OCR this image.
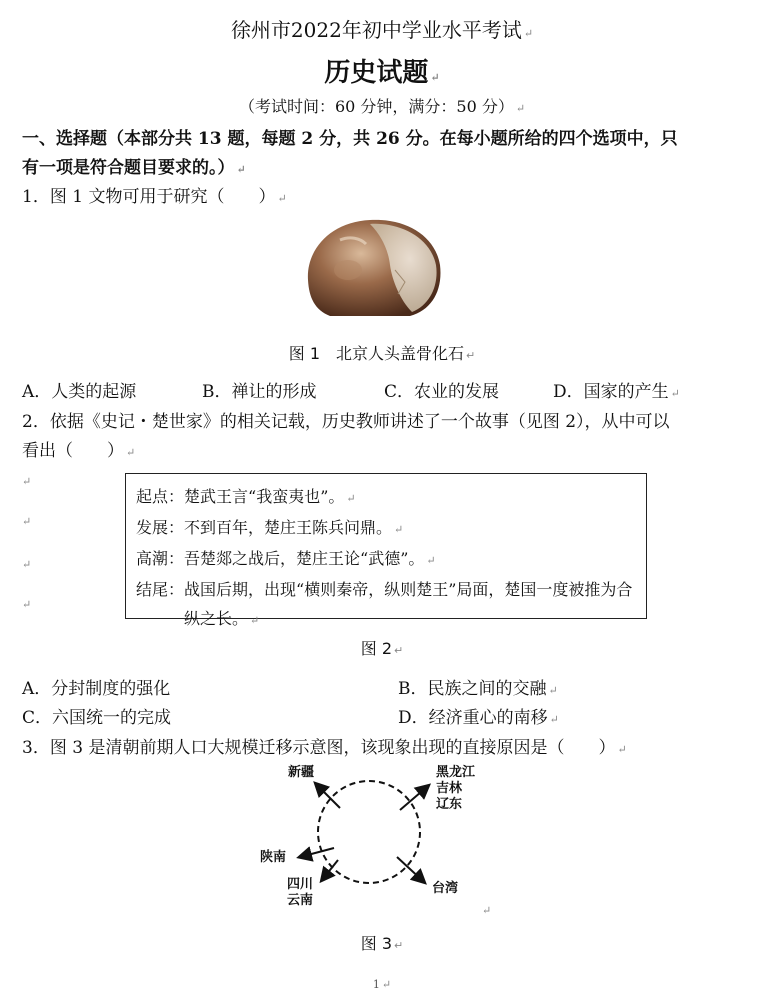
徐州市2022年初中学业水平考试 ↵
历史试题 ↵
（考试时间：60 分钟，满分：50 分） ↵
一、选择题（本部分共 13 题，每题 2 分，共 26 分。在每小题所给的四个选项中，只
有一项是符合题目要求的。） ↵
1．图 1 文物可用于研究（　　） ↵
图 1　北京人头盖骨化石 ↵
A．人类的起源	B．禅让的形成	C．农业的发展	D．国家的产生 ↵
2．依据《史记・楚世家》的相关记载，历史教师讲述了一个故事（见图 2），从中可以
看出（　　） ↵
↵
↵
↵
↵
起点： 楚武王言“我蛮夷也”。 ↵
发展： 不到百年，楚庄王陈兵问鼎。 ↵
高潮： 吾楚郯之战后，楚庄王论“武德”。 ↵
结尾： 战国后期，出现“横则秦帝，纵则楚王”局面，楚国一度被推为合纵之长。 ↵
图 2 ↵
A．分封制度的强化	B．民族之间的交融 ↵
C．六国统一的完成	D．经济重心的南移 ↵
3．图 3 是清朝前期人口大规模迁移示意图，该现象出现的直接原因是（　　） ↵
新疆	黑龙江
吉林
辽东
陕南
四川
云南
台湾
↵
图 3 ↵
1 ↵
